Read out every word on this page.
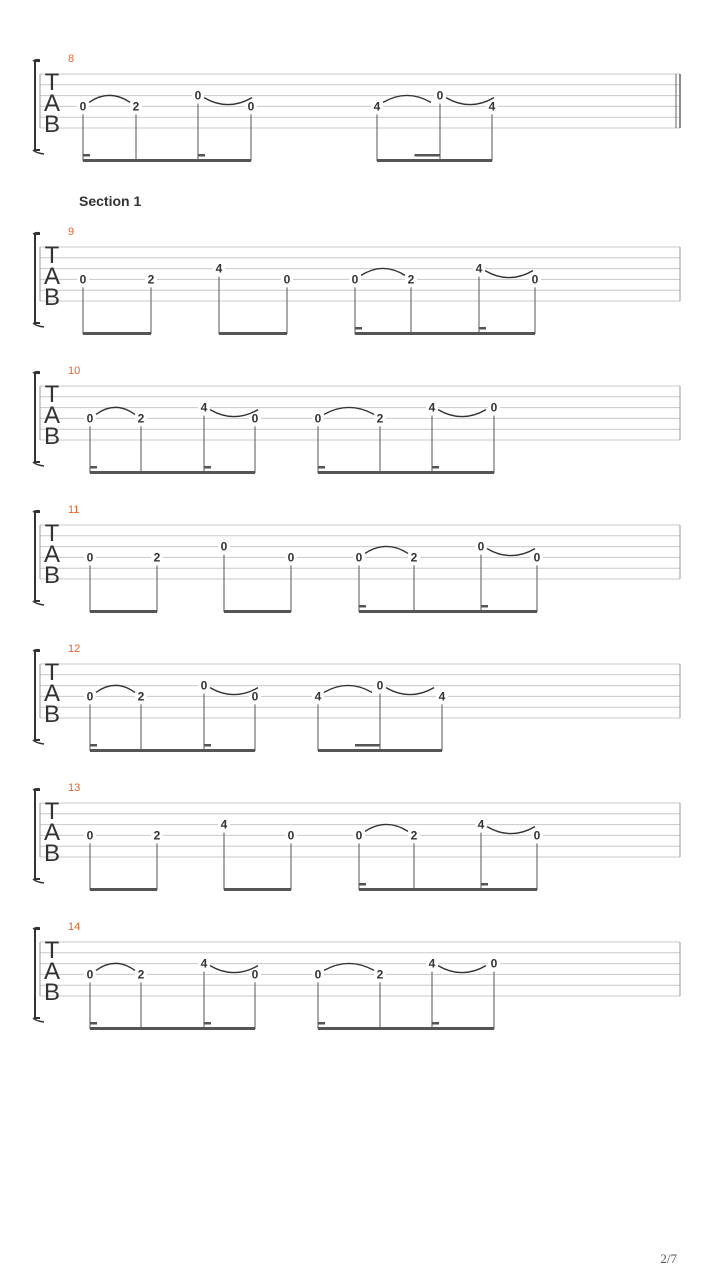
T
A
B
8
0	2
0
0	4
0
4
T
A
B
9
0	2
4
0	0	2
4
0
T
A
B
10
0	2
4
0	0	2
4	0
T
A
B
11
0	2
0
0	0	2
0
0
T
A
B
12
0	2
0
0	4
0
4
T
A
B
13
0	2
4
0	0	2
4
0
T
A
B
14
0	2
4
0	0	2
4	0
Section 1
2/7
